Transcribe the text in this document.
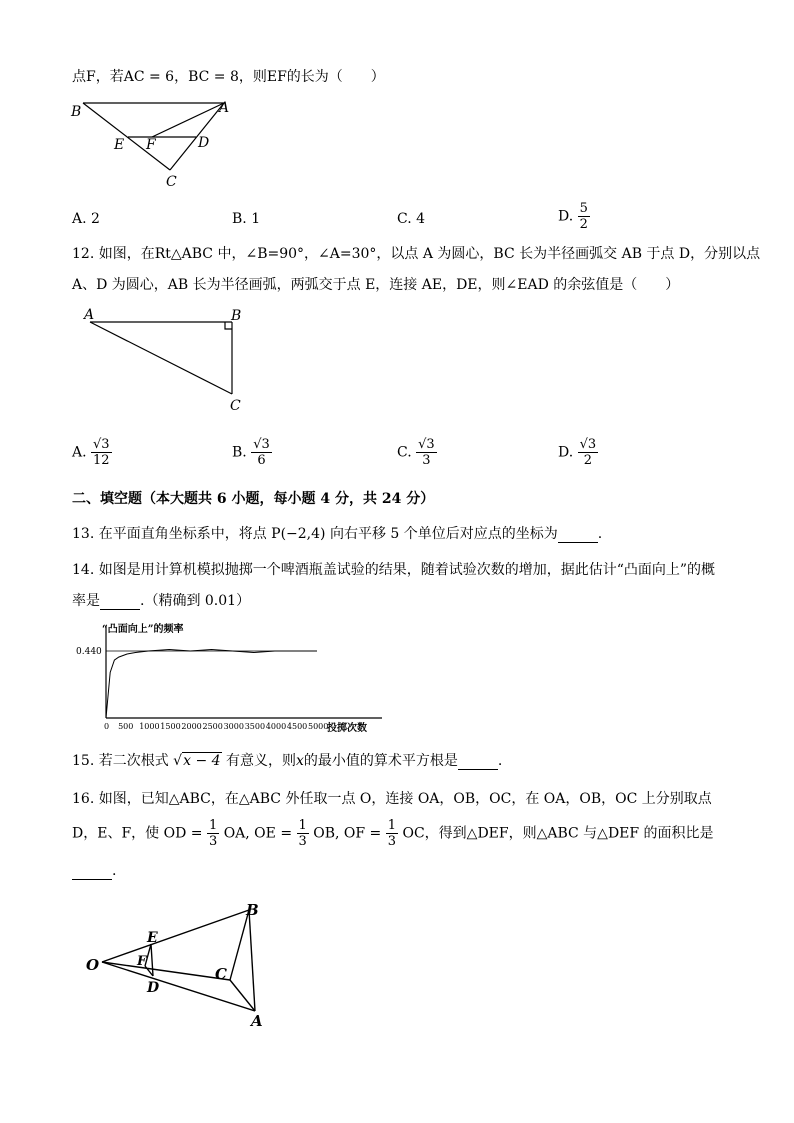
点F，若AC = 6，BC = 8，则EF的长为（　　）
B	A
E F	D
C
A. 2	B. 1	C. 4	D. $\frac{5}{2}$
12. 如图，在Rt△ABC 中，∠B=90°，∠A=30°，以点 A 为圆心，BC 长为半径画弧交 AB 于点 D，分别以点
A、D 为圆心，AB 长为半径画弧，两弧交于点 E，连接 AE，DE，则∠EAD 的余弦值是（　　）
A	B
C
A. $\frac{√3}{12}$	B. $\frac{√3}{6}$	C. $\frac{√3}{3}$	D. $\frac{√3}{2}$
二、填空题（本大题共 6 小题，每小题 4 分，共 24 分）
13. 在平面直角坐标系中，将点 P(−2,4) 向右平移 5 个单位后对应点的坐标为	.
14. 如图是用计算机模拟抛掷一个啤酒瓶盖试验的结果，随着试验次数的增加，据此估计“凸面向上”的概
率是	.（精确到 0.01）
“凸面向上”的频率
0.440
0 500 1000 1500 2000 2500 3000 3500 4000 4500 5000
投掷次数
15. 若二次根式 √x − 4 有意义，则x的最小值的算术平方根是	.
16. 如图，已知△ABC，在△ABC 外任取一点 O，连接 OA，OB，OC，在 OA，OB，OC 上分别取点
D，E、F，使 OD = $\frac{1}{3}$ OA, OE = $\frac{1}{3}$ OB, OF = $\frac{1}{3}$ OC，得到△DEF，则△ABC 与△DEF 的面积比是
.
O
E
F
D
B
C
A
